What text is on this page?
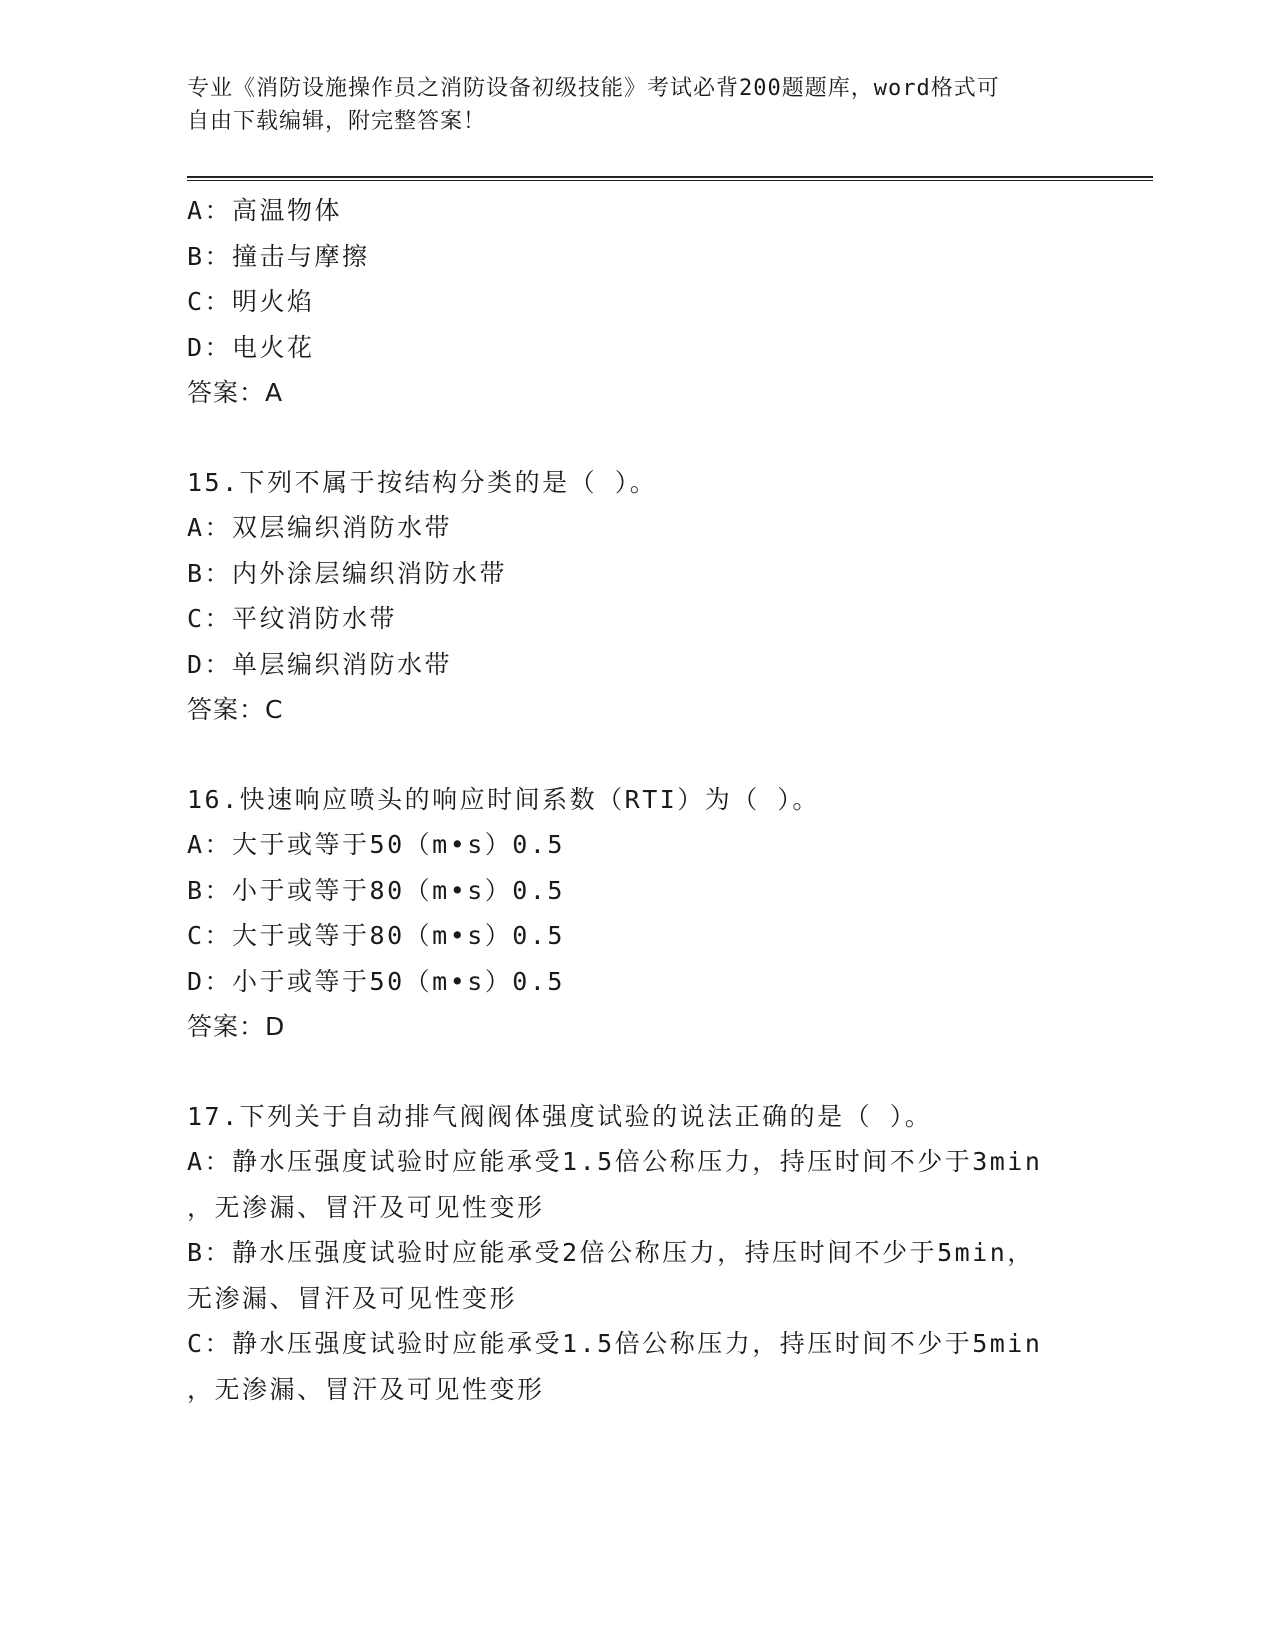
专业《消防设施操作员之消防设备初级技能》考试必背200题题库，word格式可
自由下载编辑，附完整答案！
A：高温物体
B：撞击与摩擦
C：明火焰
D：电火花
答案：A
15.下列不属于按结构分类的是（ ）。
A：双层编织消防水带
B：内外涂层编织消防水带
C：平纹消防水带
D：单层编织消防水带
答案：C
16.快速响应喷头的响应时间系数（RTI）为（ ）。
A：大于或等于50（m•s）0.5
B：小于或等于80（m•s）0.5
C：大于或等于80（m•s）0.5
D：小于或等于50（m•s）0.5
答案：D
17.下列关于自动排气阀阀体强度试验的说法正确的是（ ）。
A：静水压强度试验时应能承受1.5倍公称压力，持压时间不少于3min
，无渗漏、冒汗及可见性变形
B：静水压强度试验时应能承受2倍公称压力，持压时间不少于5min，
无渗漏、冒汗及可见性变形
C：静水压强度试验时应能承受1.5倍公称压力，持压时间不少于5min
，无渗漏、冒汗及可见性变形
